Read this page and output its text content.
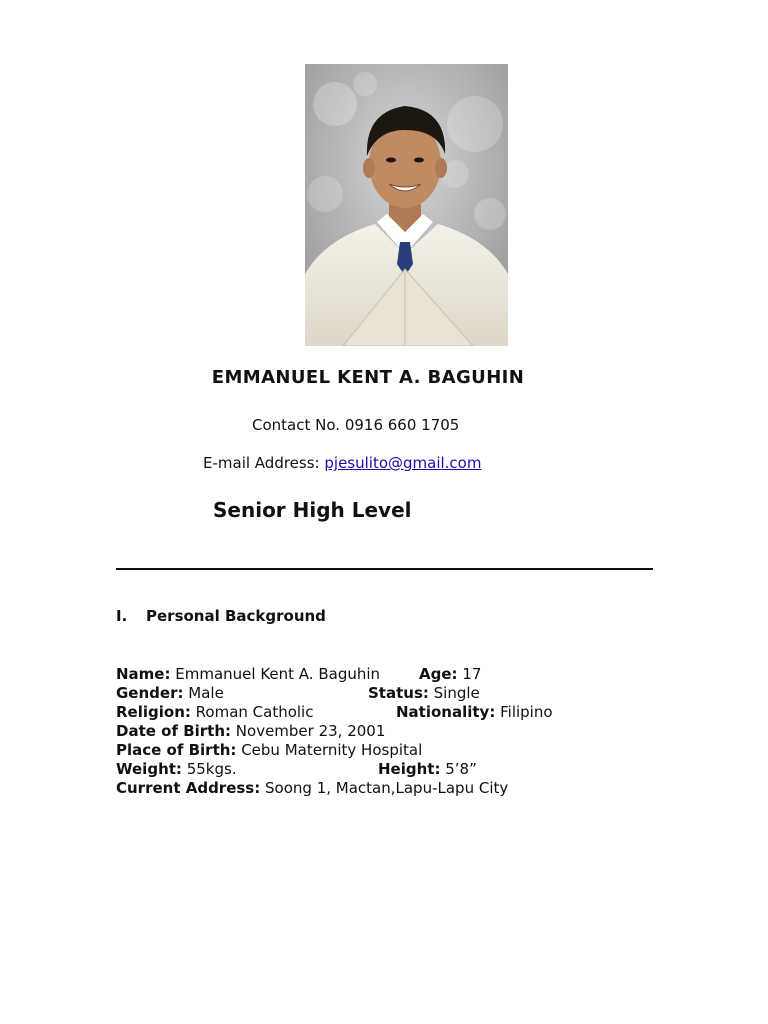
EMMANUEL KENT A. BAGUHIN
Contact No. 0916 660 1705
E-mail Address: pjesulito@gmail.com
Senior High Level
I. Personal Background
Name: Emmanuel Kent A. Baguhin	Age: 17
Gender: Male	Status: Single
Religion: Roman Catholic	Nationality: Filipino
Date of Birth: November 23, 2001
Place of Birth: Cebu Maternity Hospital
Weight: 55kgs.	Height: 5’8”
Current Address: Soong 1, Mactan,Lapu-Lapu City
